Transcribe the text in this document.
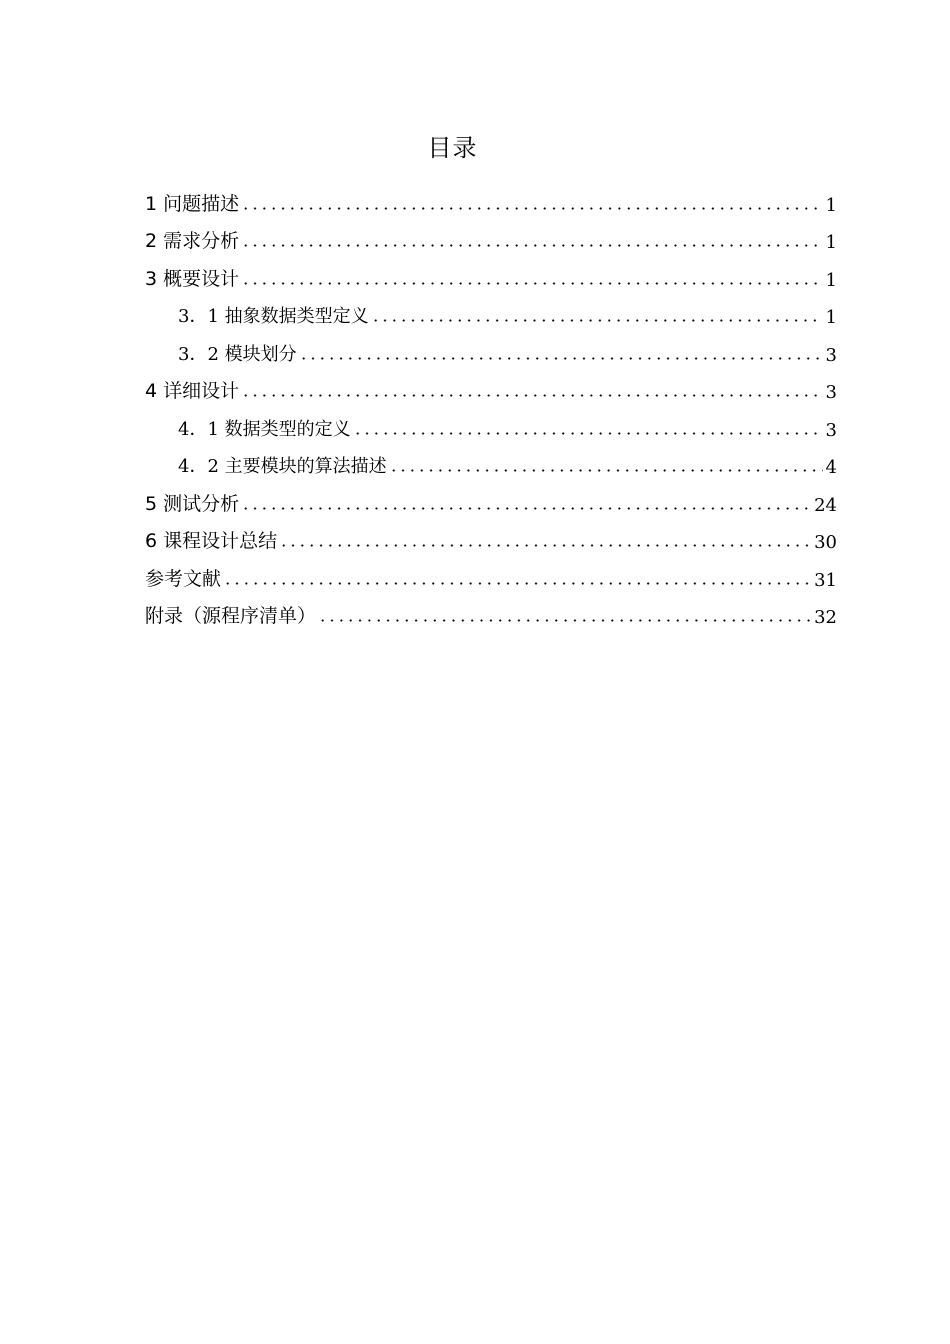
目录
1 问题描述	1
2 需求分析	1
3 概要设计	1
3．1 抽象数据类型定义	1
3．2 模块划分	3
4 详细设计	3
4．1 数据类型的定义	3
4．2 主要模块的算法描述	4
5 测试分析	24
6 课程设计总结	30
参考文献	31
附录（源程序清单）	32
